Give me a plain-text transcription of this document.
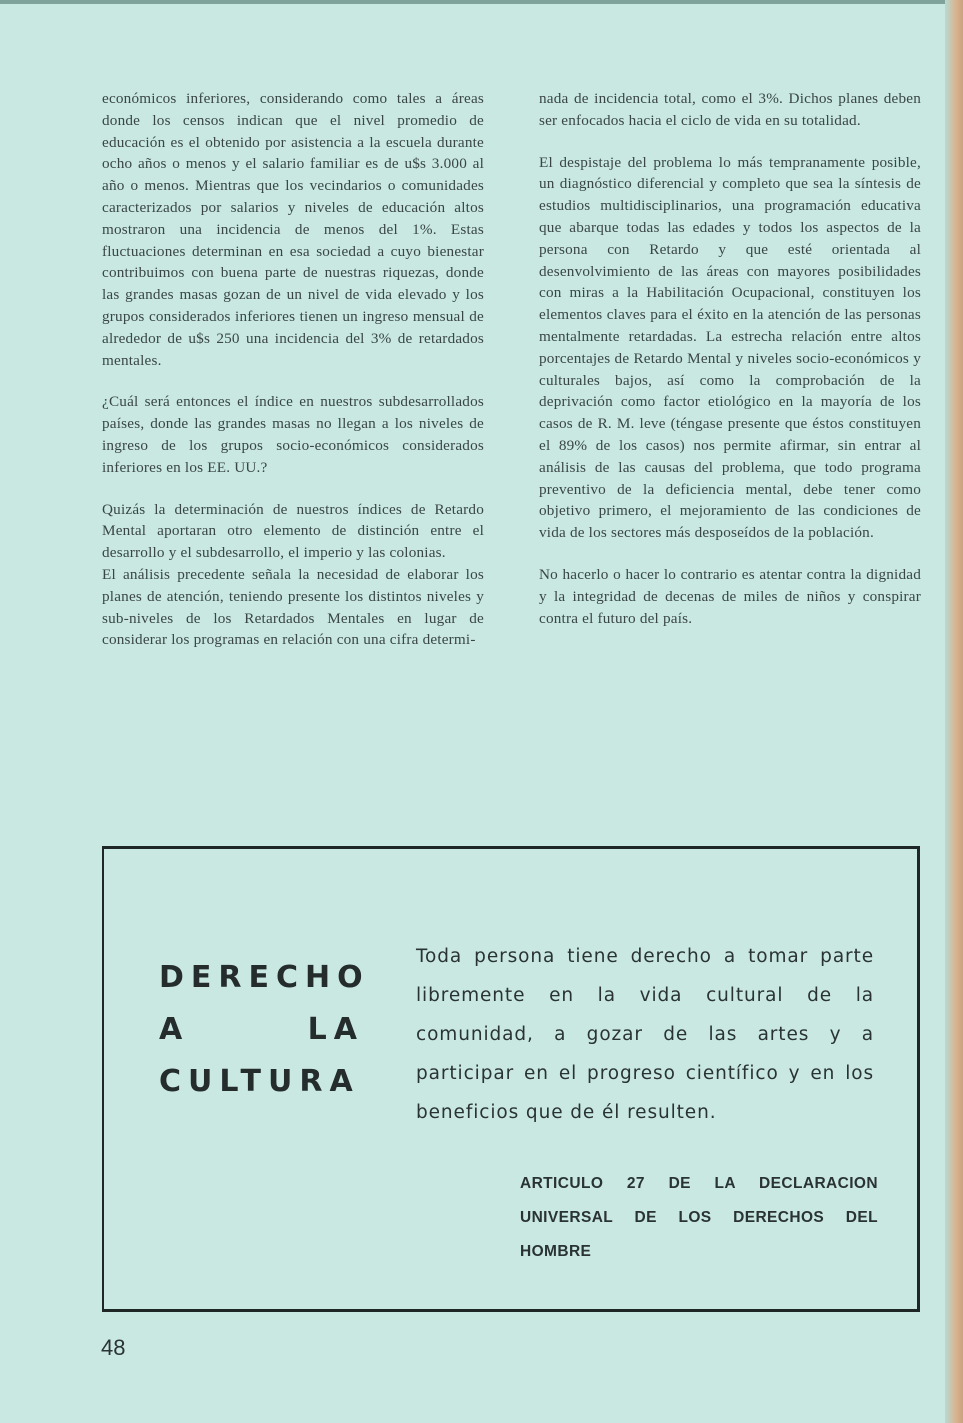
económicos inferiores, considerando como tales a áreas donde los censos indican que el nivel promedio de educación es el obtenido por asistencia a la escuela durante ocho años o menos y el salario familiar es de u$s 3.000 al año o menos. Mientras que los vecindarios o comunidades caracterizados por salarios y niveles de educación altos mostraron una incidencia de menos del 1%. Estas fluctuaciones determinan en esa sociedad a cuyo bienestar contribuimos con buena parte de nuestras riquezas, donde las grandes masas gozan de un nivel de vida elevado y los grupos considerados inferiores tienen un ingreso mensual de alrededor de u$s 250 una incidencia del 3% de retardados mentales.

¿Cuál será entonces el índice en nuestros subdesarrollados países, donde las grandes masas no llegan a los niveles de ingreso de los grupos socio-económicos considerados inferiores en los EE. UU.?

Quizás la determinación de nuestros índices de Retardo Mental aportaran otro elemento de distinción entre el desarrollo y el subdesarrollo, el imperio y las colonias.

El análisis precedente señala la necesidad de elaborar los planes de atención, teniendo presente los distintos niveles y sub-niveles de los Retardados Mentales en lugar de considerar los programas en relación con una cifra determi-

nada de incidencia total, como el 3%. Dichos planes deben ser enfocados hacia el ciclo de vida en su totalidad.

El despistaje del problema lo más tempranamente posible, un diagnóstico diferencial y completo que sea la síntesis de estudios multidisciplinarios, una programación educativa que abarque todas las edades y todos los aspectos de la persona con Retardo y que esté orientada al desenvolvimiento de las áreas con mayores posibilidades con miras a la Habilitación Ocupacional, constituyen los elementos claves para el éxito en la atención de las personas mentalmente retardadas. La estrecha relación entre altos porcentajes de Retardo Mental y niveles socio-económicos y culturales bajos, así como la comprobación de la deprivación como factor etiológico en la mayoría de los casos de R. M. leve (téngase presente que éstos constituyen el 89% de los casos) nos permite afirmar, sin entrar al análisis de las causas del problema, que todo programa preventivo de la deficiencia mental, debe tener como objetivo primero, el mejoramiento de las condiciones de vida de los sectores más desposeídos de la población.

No hacerlo o hacer lo contrario es atentar contra la dignidad y la integridad de decenas de miles de niños y conspirar contra el futuro del país.

DERECHO
A	LA
CULTURA
Toda persona tiene derecho a tomar parte libremente en la vida cultural de la comunidad, a gozar de las artes y a participar en el progreso científico y en los beneficios que de él resulten.
ARTICULO 27 DE LA DECLARACION UNIVERSAL DE LOS DERECHOS DEL HOMBRE
48
